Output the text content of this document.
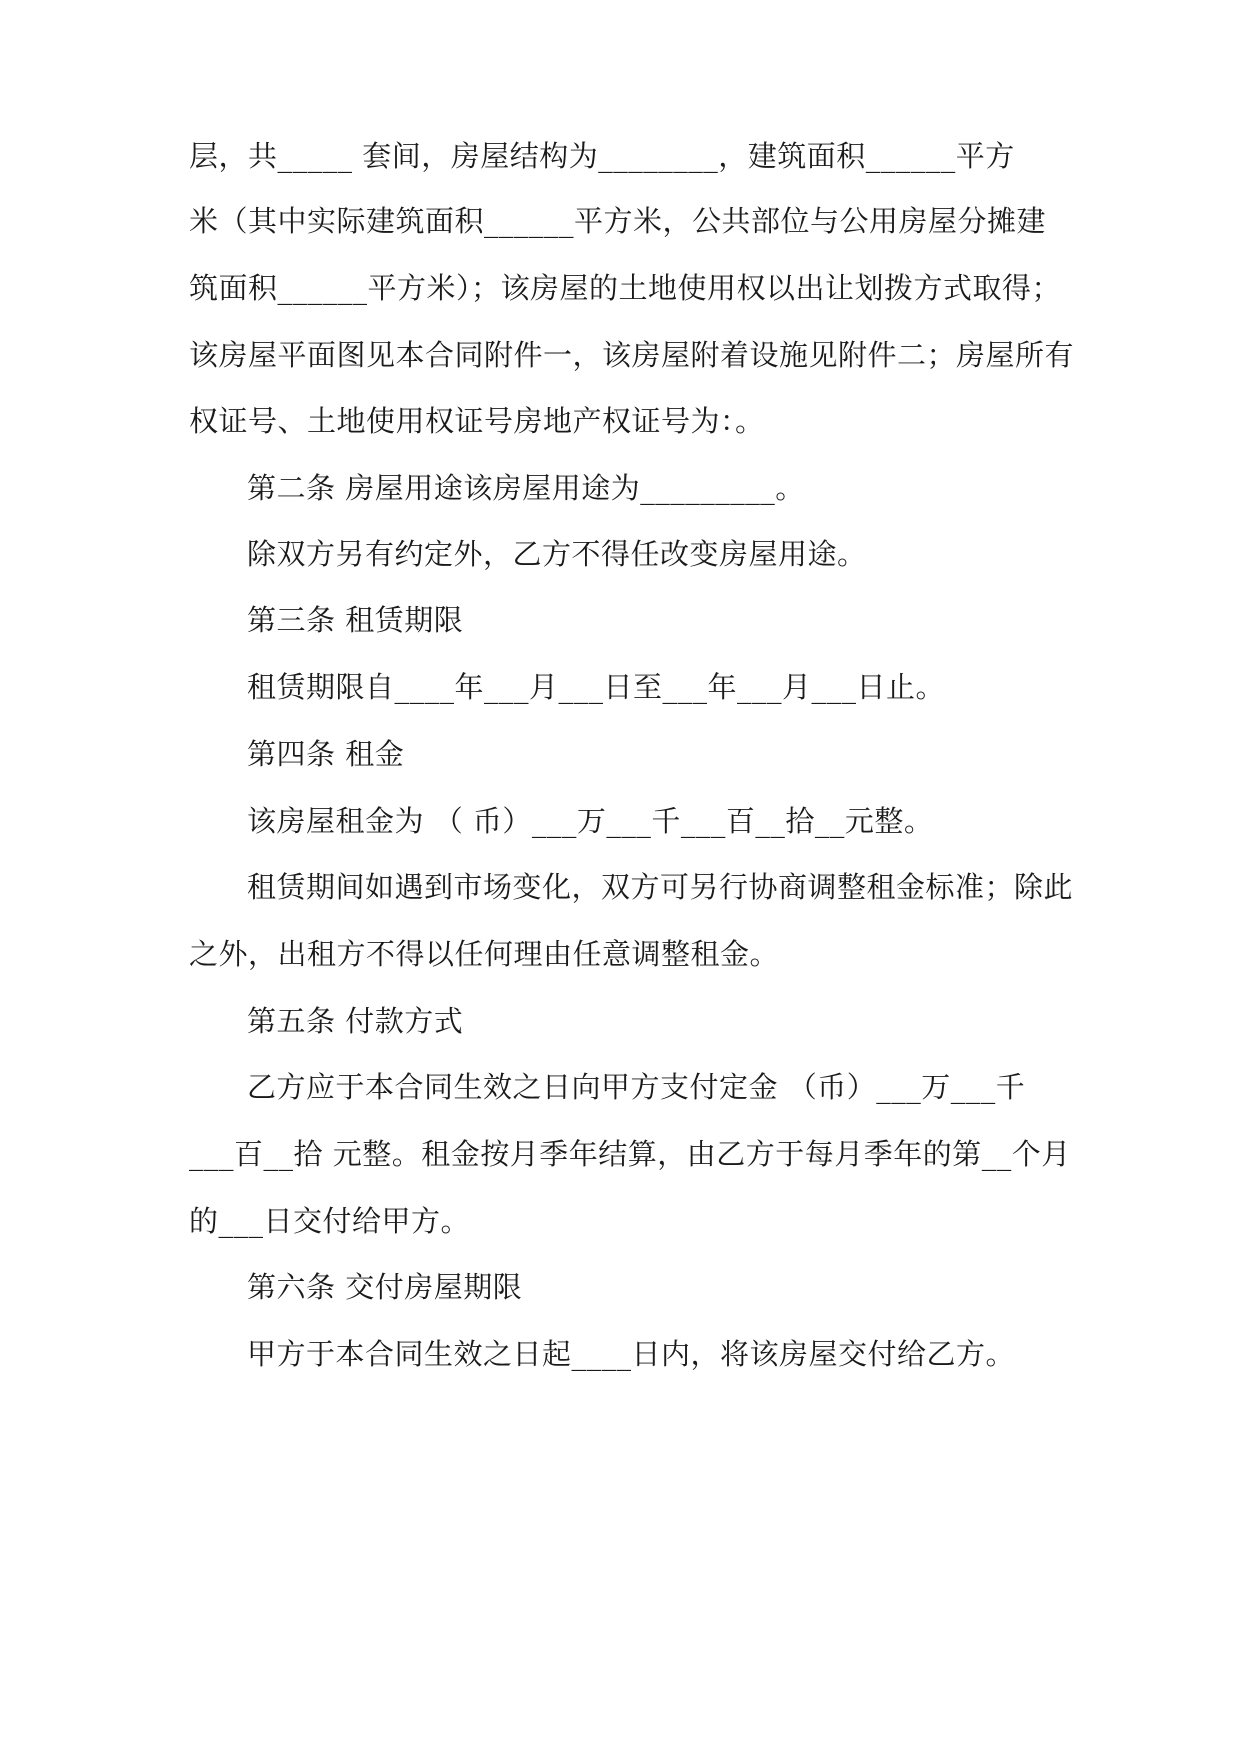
层，共_____ 套间，房屋结构为________，建筑面积______平方
米（其中实际建筑面积______平方米，公共部位与公用房屋分摊建
筑面积______平方米）；该房屋的土地使用权以出让划拨方式取得；
该房屋平面图见本合同附件一，该房屋附着设施见附件二；房屋所有
权证号、土地使用权证号房地产权证号为：。
第二条 房屋用途该房屋用途为_________。
除双方另有约定外，乙方不得任改变房屋用途。
第三条 租赁期限
租赁期限自____年___月___日至___年___月___日止。
第四条 租金
该房屋租金为 （ 币）___万___千___百__拾__元整。
租赁期间如遇到市场变化，双方可另行协商调整租金标准；除此
之外，出租方不得以任何理由任意调整租金。
第五条 付款方式
乙方应于本合同生效之日向甲方支付定金 （币）___万___千
___百__拾 元整。租金按月季年结算，由乙方于每月季年的第__个月
的___日交付给甲方。
第六条 交付房屋期限
甲方于本合同生效之日起____日内，将该房屋交付给乙方。
